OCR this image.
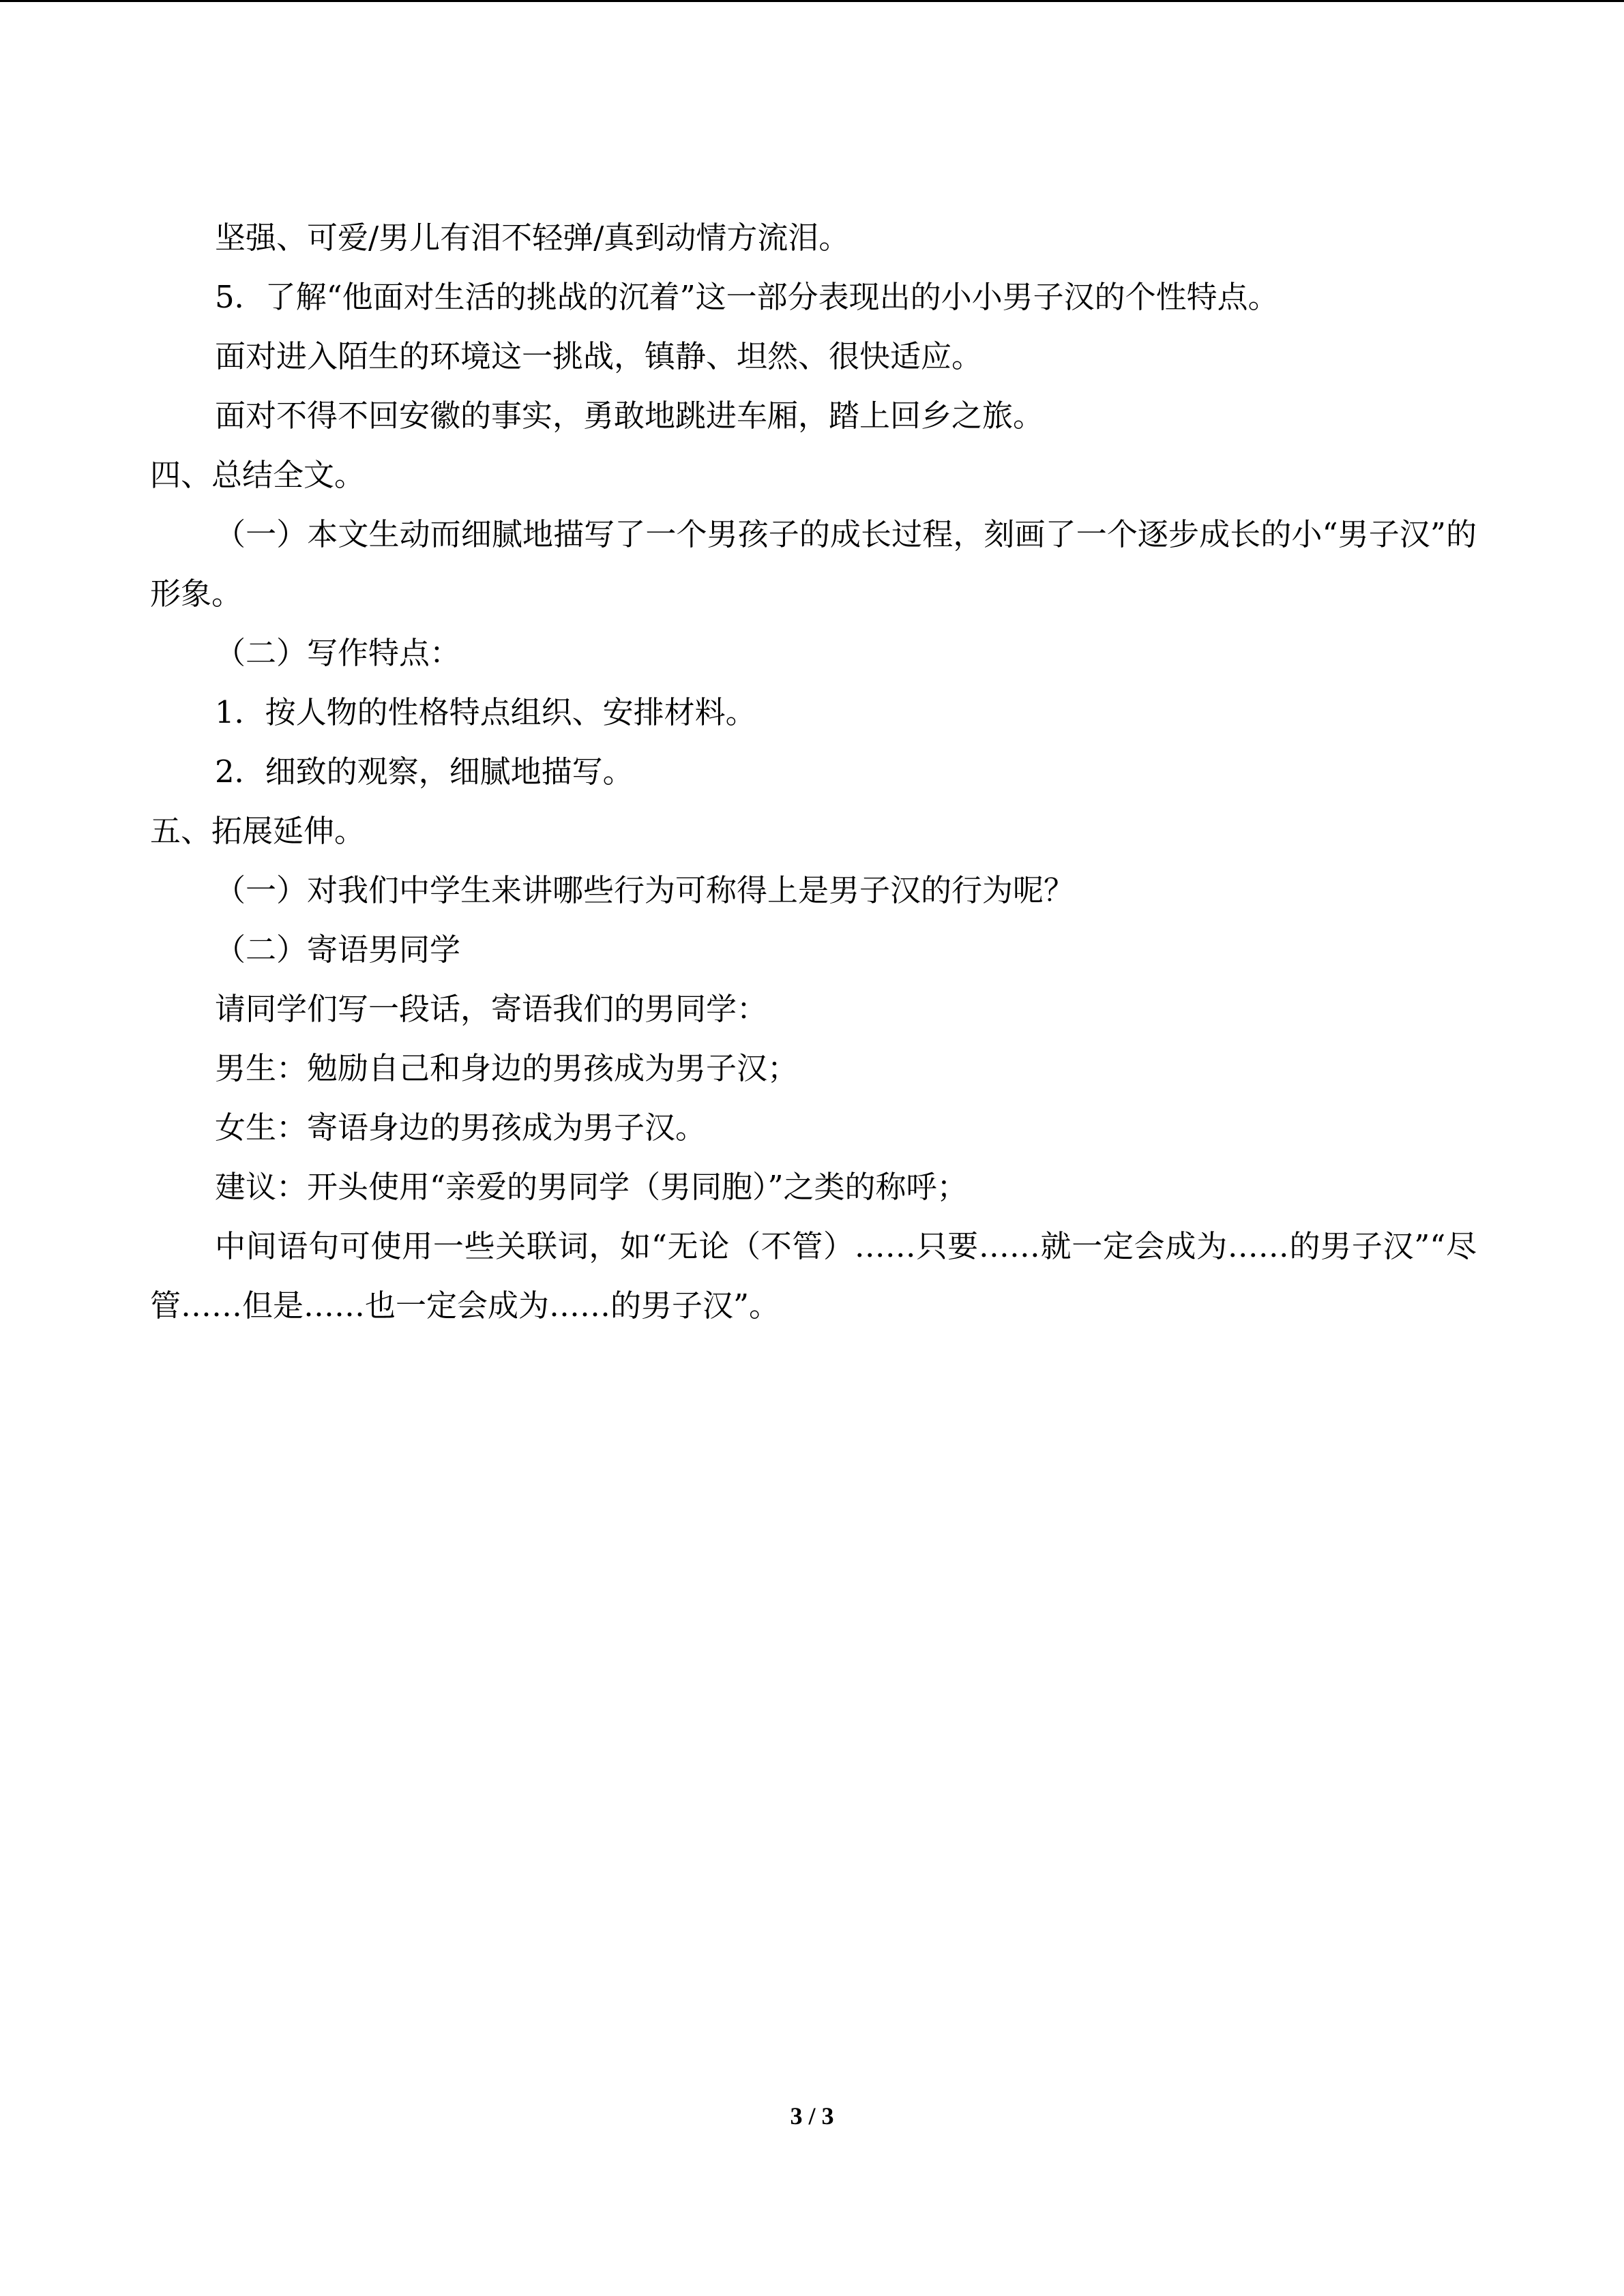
坚强、可爱/男儿有泪不轻弹/真到动情方流泪。
5．了解“他面对生活的挑战的沉着”这一部分表现出的小小男子汉的个性特点。
面对进入陌生的环境这一挑战，镇静、坦然、很快适应。
面对不得不回安徽的事实，勇敢地跳进车厢，踏上回乡之旅。
四、总结全文。
（一）本文生动而细腻地描写了一个男孩子的成长过程，刻画了一个逐步成长的小“男子汉”的形象。
（二）写作特点：
1．按人物的性格特点组织、安排材料。
2．细致的观察，细腻地描写。
五、拓展延伸。
（一）对我们中学生来讲哪些行为可称得上是男子汉的行为呢？
（二）寄语男同学
请同学们写一段话，寄语我们的男同学：
男生：勉励自己和身边的男孩成为男子汉；
女生：寄语身边的男孩成为男子汉。
建议：开头使用“亲爱的男同学（男同胞）”之类的称呼；
中间语句可使用一些关联词，如“无论（不管）……只要……就一定会成为……的男子汉”“尽管……但是……也一定会成为……的男子汉”。
3 / 3
